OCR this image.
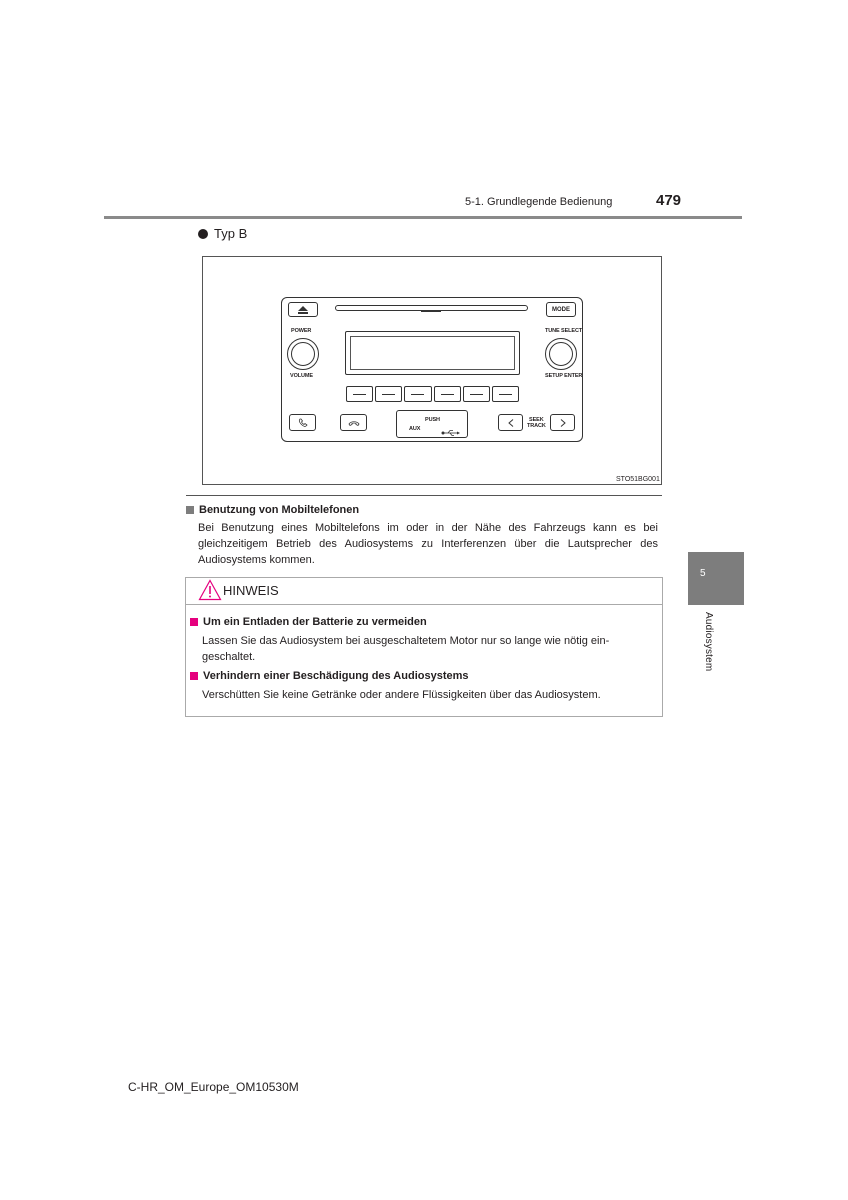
5-1. Grundlegende Bedienung	479
5
Audiosystem
Typ B
MODE
POWER
VOLUME
TUNE SELECT
SETUP ENTER
PUSH
AUX
SEEK
TRACK
STO51BG001
Benutzung von Mobiltelefonen
Bei Benutzung eines Mobiltelefons im oder in der Nähe des Fahrzeugs kann es bei gleichzeitigem Betrieb des Audiosystems zu Interferenzen über die Lautsprecher des Audiosystems kommen.
HINWEIS
Um ein Entladen der Batterie zu vermeiden
Lassen Sie das Audiosystem bei ausgeschaltetem Motor nur so lange wie nötig ein-
geschaltet.
Verhindern einer Beschädigung des Audiosystems
Verschütten Sie keine Getränke oder andere Flüssigkeiten über das Audiosystem.
C-HR_OM_Europe_OM10530M
